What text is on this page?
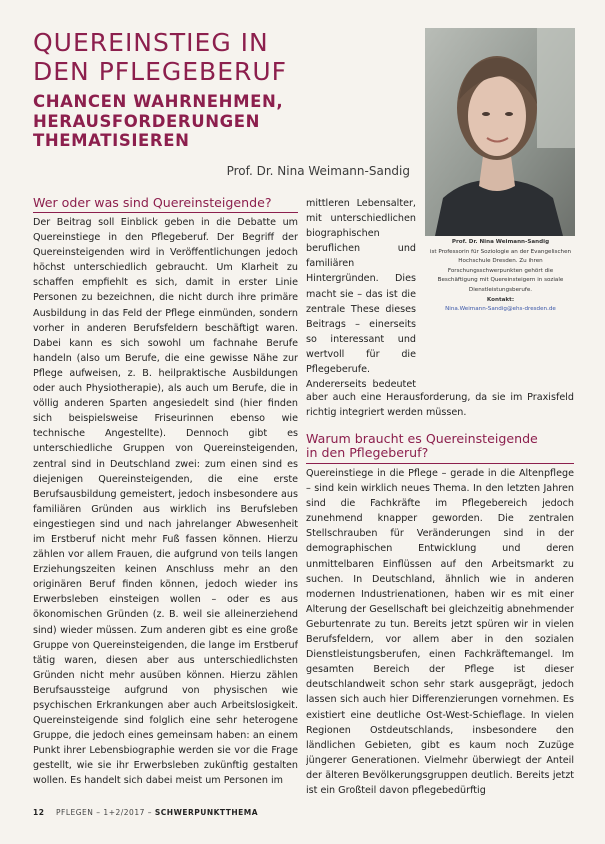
QUEREINSTIEG IN
DEN PFLEGEBERUF
CHANCEN WAHRNEHMEN,
HERAUSFORDERUNGEN
THEMATISIEREN
Prof. Dr. Nina Weimann-Sandig
Prof. Dr. Nina Weimann-Sandig
ist Professorin für Soziologie an der Evangelischen Hochschule Dresden. Zu ihren Forschungsschwerpunkten gehört die Beschäftigung mit Quereinsteigern in soziale Dienstleistungsberufe.
Kontakt:
Nina.Weimann-Sandig@ehs-dresden.de
Wer oder was sind Quereinsteigende?
Der Beitrag soll Einblick geben in die Debatte um Quereinstiege in den Pflegeberuf. Der Begriff der Quereinsteigenden wird in Veröffentlichungen jedoch höchst unterschiedlich gebraucht. Um Klarheit zu schaffen empfiehlt es sich, damit in erster Linie Personen zu bezeichnen, die nicht durch ihre primäre Ausbildung in das Feld der Pflege einmünden, sondern vorher in anderen Berufsfeldern beschäftigt waren. Dabei kann es sich sowohl um fachnahe Berufe handeln (also um Berufe, die eine gewisse Nähe zur Pflege aufweisen, z. B. heilpraktische Ausbildungen oder auch Physiotherapie), als auch um Berufe, die in völlig anderen Sparten angesiedelt sind (hier finden sich beispielsweise Friseurinnen ebenso wie technische Angestellte). Dennoch gibt es unterschiedliche Gruppen von Quereinsteigenden, zentral sind in Deutschland zwei: zum einen sind es diejenigen Quereinsteigenden, die eine erste Berufsausbildung gemeistert, jedoch insbesondere aus familiären Gründen aus wirklich ins Berufsleben eingestiegen sind und nach jahrelanger Abwesenheit im Erstberuf nicht mehr Fuß fassen können. Hierzu zählen vor allem Frauen, die aufgrund von teils langen Erziehungszeiten keinen Anschluss mehr an den originären Beruf finden können, jedoch wieder ins Erwerbsleben einsteigen wollen – oder es aus ökonomischen Gründen (z. B. weil sie alleinerziehend sind) wieder müssen. Zum anderen gibt es eine große Gruppe von Quereinsteigenden, die lange im Erstberuf tätig waren, diesen aber aus unterschiedlichsten Gründen nicht mehr ausüben können. Hierzu zählen Berufsaussteige aufgrund von physischen wie psychischen Erkrankungen aber auch Arbeitslosigkeit. Quereinsteigende sind folglich eine sehr heterogene Gruppe, die jedoch eines gemeinsam haben: an einem Punkt ihrer Lebensbiographie werden sie vor die Frage gestellt, wie sie ihr Erwerbsleben zukünftig gestalten wollen. Es handelt sich dabei meist um Personen im
mittleren Lebensalter, mit unterschiedlichen biographischen beruflichen und familiären Hintergründen. Dies macht sie – das ist die zentrale These dieses Beitrags – einerseits so interessant und wertvoll für die Pflegeberufe. Andererseits bedeutet
aber auch eine Herausforderung, da sie im Praxisfeld richtig integriert werden müssen.
Warum braucht es Quereinsteigende
in den Pflegeberuf?
Quereinstiege in die Pflege – gerade in die Altenpflege – sind kein wirklich neues Thema. In den letzten Jahren sind die Fachkräfte im Pflegebereich jedoch zunehmend knapper geworden. Die zentralen Stellschrauben für Veränderungen sind in der demographischen Entwicklung und deren unmittelbaren Einflüssen auf den Arbeitsmarkt zu suchen. In Deutschland, ähnlich wie in anderen modernen Industrienationen, haben wir es mit einer Alterung der Gesellschaft bei gleichzeitig abnehmender Geburtenrate zu tun. Bereits jetzt spüren wir in vielen Berufsfeldern, vor allem aber in den sozialen Dienstleistungsberufen, einen Fachkräftemangel. Im gesamten Bereich der Pflege ist dieser deutschlandweit schon sehr stark ausgeprägt, jedoch lassen sich auch hier Differenzierungen vornehmen. Es existiert eine deutliche Ost-West-Schieflage. In vielen Regionen Ostdeutschlands, insbesondere den ländlichen Gebieten, gibt es kaum noch Zuzüge jüngerer Generationen. Vielmehr überwiegt der Anteil der älteren Bevölkerungsgruppen deutlich. Bereits jetzt ist ein Großteil davon pflegebedürftig
12 PFLEGEN – 1+2/2017 – SCHWERPUNKTTHEMA
